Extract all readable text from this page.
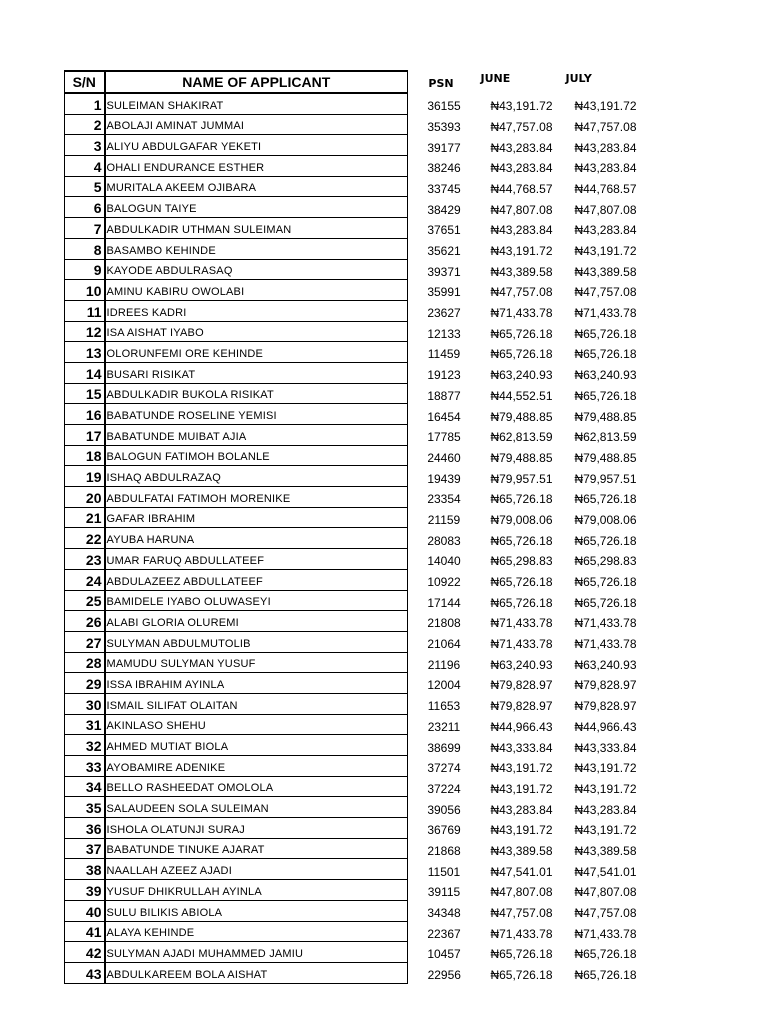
S/N	NAME OF APPLICANT	PSN	JUNE	JULY
1	SULEIMAN SHAKIRAT	36155	₦43,191.72	₦43,191.72
2	ABOLAJI AMINAT JUMMAI	35393	₦47,757.08	₦47,757.08
3	ALIYU ABDULGAFAR YEKETI	39177	₦43,283.84	₦43,283.84
4	OHALI ENDURANCE ESTHER	38246	₦43,283.84	₦43,283.84
5	MURITALA AKEEM OJIBARA	33745	₦44,768.57	₦44,768.57
6	BALOGUN TAIYE	38429	₦47,807.08	₦47,807.08
7	ABDULKADIR UTHMAN SULEIMAN	37651	₦43,283.84	₦43,283.84
8	BASAMBO KEHINDE	35621	₦43,191.72	₦43,191.72
9	KAYODE ABDULRASAQ	39371	₦43,389.58	₦43,389.58
10	AMINU KABIRU OWOLABI	35991	₦47,757.08	₦47,757.08
11	IDREES KADRI	23627	₦71,433.78	₦71,433.78
12	ISA AISHAT IYABO	12133	₦65,726.18	₦65,726.18
13	OLORUNFEMI ORE KEHINDE	11459	₦65,726.18	₦65,726.18
14	BUSARI RISIKAT	19123	₦63,240.93	₦63,240.93
15	ABDULKADIR BUKOLA RISIKAT	18877	₦44,552.51	₦65,726.18
16	BABATUNDE ROSELINE YEMISI	16454	₦79,488.85	₦79,488.85
17	BABATUNDE MUIBAT AJIA	17785	₦62,813.59	₦62,813.59
18	BALOGUN FATIMOH BOLANLE	24460	₦79,488.85	₦79,488.85
19	ISHAQ ABDULRAZAQ	19439	₦79,957.51	₦79,957.51
20	ABDULFATAI FATIMOH MORENIKE	23354	₦65,726.18	₦65,726.18
21	GAFAR IBRAHIM	21159	₦79,008.06	₦79,008.06
22	AYUBA HARUNA	28083	₦65,726.18	₦65,726.18
23	UMAR FARUQ ABDULLATEEF	14040	₦65,298.83	₦65,298.83
24	ABDULAZEEZ ABDULLATEEF	10922	₦65,726.18	₦65,726.18
25	BAMIDELE IYABO OLUWASEYI	17144	₦65,726.18	₦65,726.18
26	ALABI GLORIA OLUREMI	21808	₦71,433.78	₦71,433.78
27	SULYMAN ABDULMUTOLIB	21064	₦71,433.78	₦71,433.78
28	MAMUDU SULYMAN YUSUF	21196	₦63,240.93	₦63,240.93
29	ISSA IBRAHIM AYINLA	12004	₦79,828.97	₦79,828.97
30	ISMAIL SILIFAT OLAITAN	11653	₦79,828.97	₦79,828.97
31	AKINLASO SHEHU	23211	₦44,966.43	₦44,966.43
32	AHMED MUTIAT BIOLA	38699	₦43,333.84	₦43,333.84
33	AYOBAMIRE ADENIKE	37274	₦43,191.72	₦43,191.72
34	BELLO RASHEEDAT OMOLOLA	37224	₦43,191.72	₦43,191.72
35	SALAUDEEN SOLA SULEIMAN	39056	₦43,283.84	₦43,283.84
36	ISHOLA OLATUNJI SURAJ	36769	₦43,191.72	₦43,191.72
37	BABATUNDE TINUKE AJARAT	21868	₦43,389.58	₦43,389.58
38	NAALLAH AZEEZ AJADI	11501	₦47,541.01	₦47,541.01
39	YUSUF DHIKRULLAH AYINLA	39115	₦47,807.08	₦47,807.08
40	SULU BILIKIS ABIOLA	34348	₦47,757.08	₦47,757.08
41	ALAYA KEHINDE	22367	₦71,433.78	₦71,433.78
42	SULYMAN AJADI MUHAMMED JAMIU	10457	₦65,726.18	₦65,726.18
43	ABDULKAREEM BOLA AISHAT	22956	₦65,726.18	₦65,726.18
